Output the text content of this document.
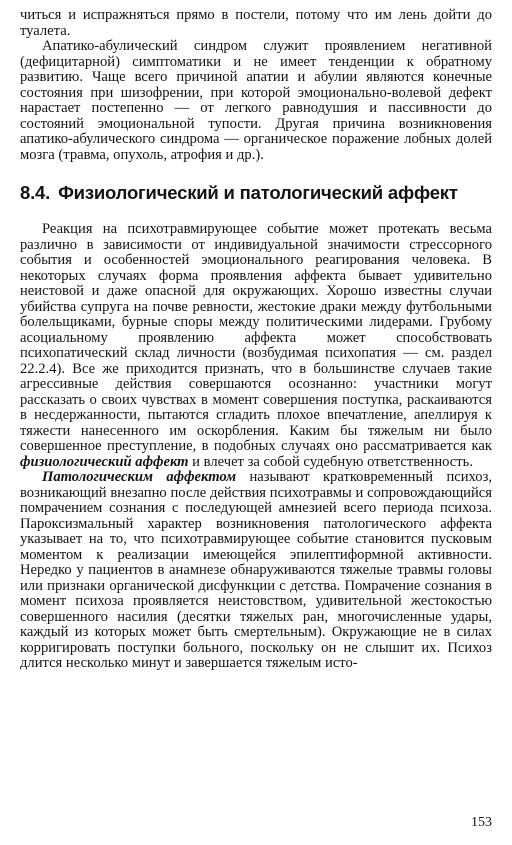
читься и испражняться прямо в постели, потому что им лень дойти до туалета.

Апатико-абулический синдром служит проявлением негативной (дефицитарной) симптоматики и не имеет тенденции к обратному развитию. Чаще всего причиной апатии и абулии являются конечные состояния при шизофрении, при которой эмоционально-волевой дефект нарастает постепенно — от легкого равнодушия и пассивности до состояний эмоциональной тупости. Другая причина возникновения апатико-абулического синдрома — органическое поражение лобных долей мозга (травма, опухоль, атрофия и др.).

8.4. Физиологический и патологический аффект

Реакция на психотравмирующее событие может протекать весьма различно в зависимости от индивидуальной значимости стрессорного события и особенностей эмоционального реагирования человека. В некоторых случаях форма проявления аффекта бывает удивительно неистовой и даже опасной для окружающих. Хорошо известны случаи убийства супруга на почве ревности, жестокие драки между футбольными болельщиками, бурные споры между политическими лидерами. Грубому асоциальному проявлению аффекта может способствовать психопатический склад личности (возбудимая психопатия — см. раздел 22.2.4). Все же приходится признать, что в большинстве случаев такие агрессивные действия совершаются осознанно: участники могут рассказать о своих чувствах в момент совершения поступка, раскаиваются в несдержанности, пытаются сгладить плохое впечатление, апеллируя к тяжести нанесенного им оскорбления. Каким бы тяжелым ни было совершенное преступление, в подобных случаях оно рассматривается как физиологический аффект и влечет за собой судебную ответственность.

Патологическим аффектом называют кратковременный психоз, возникающий внезапно после действия психотравмы и сопровождающийся помрачением сознания с последующей амнезией всего периода психоза. Пароксизмальный характер возникновения патологического аффекта указывает на то, что психотравмирующее событие становится пусковым моментом к реализации имеющейся эпилептиформной активности. Нередко у пациентов в анамнезе обнаруживаются тяжелые травмы головы или признаки органической дисфункции с детства. Помрачение сознания в момент психоза проявляется неистовством, удивительной жестокостью совершенного насилия (десятки тяжелых ран, многочисленные удары, каждый из которых может быть смертельным). Окружающие не в силах корригировать поступки больного, поскольку он не слышит их. Психоз длится несколько минут и завершается тяжелым исто-

153
